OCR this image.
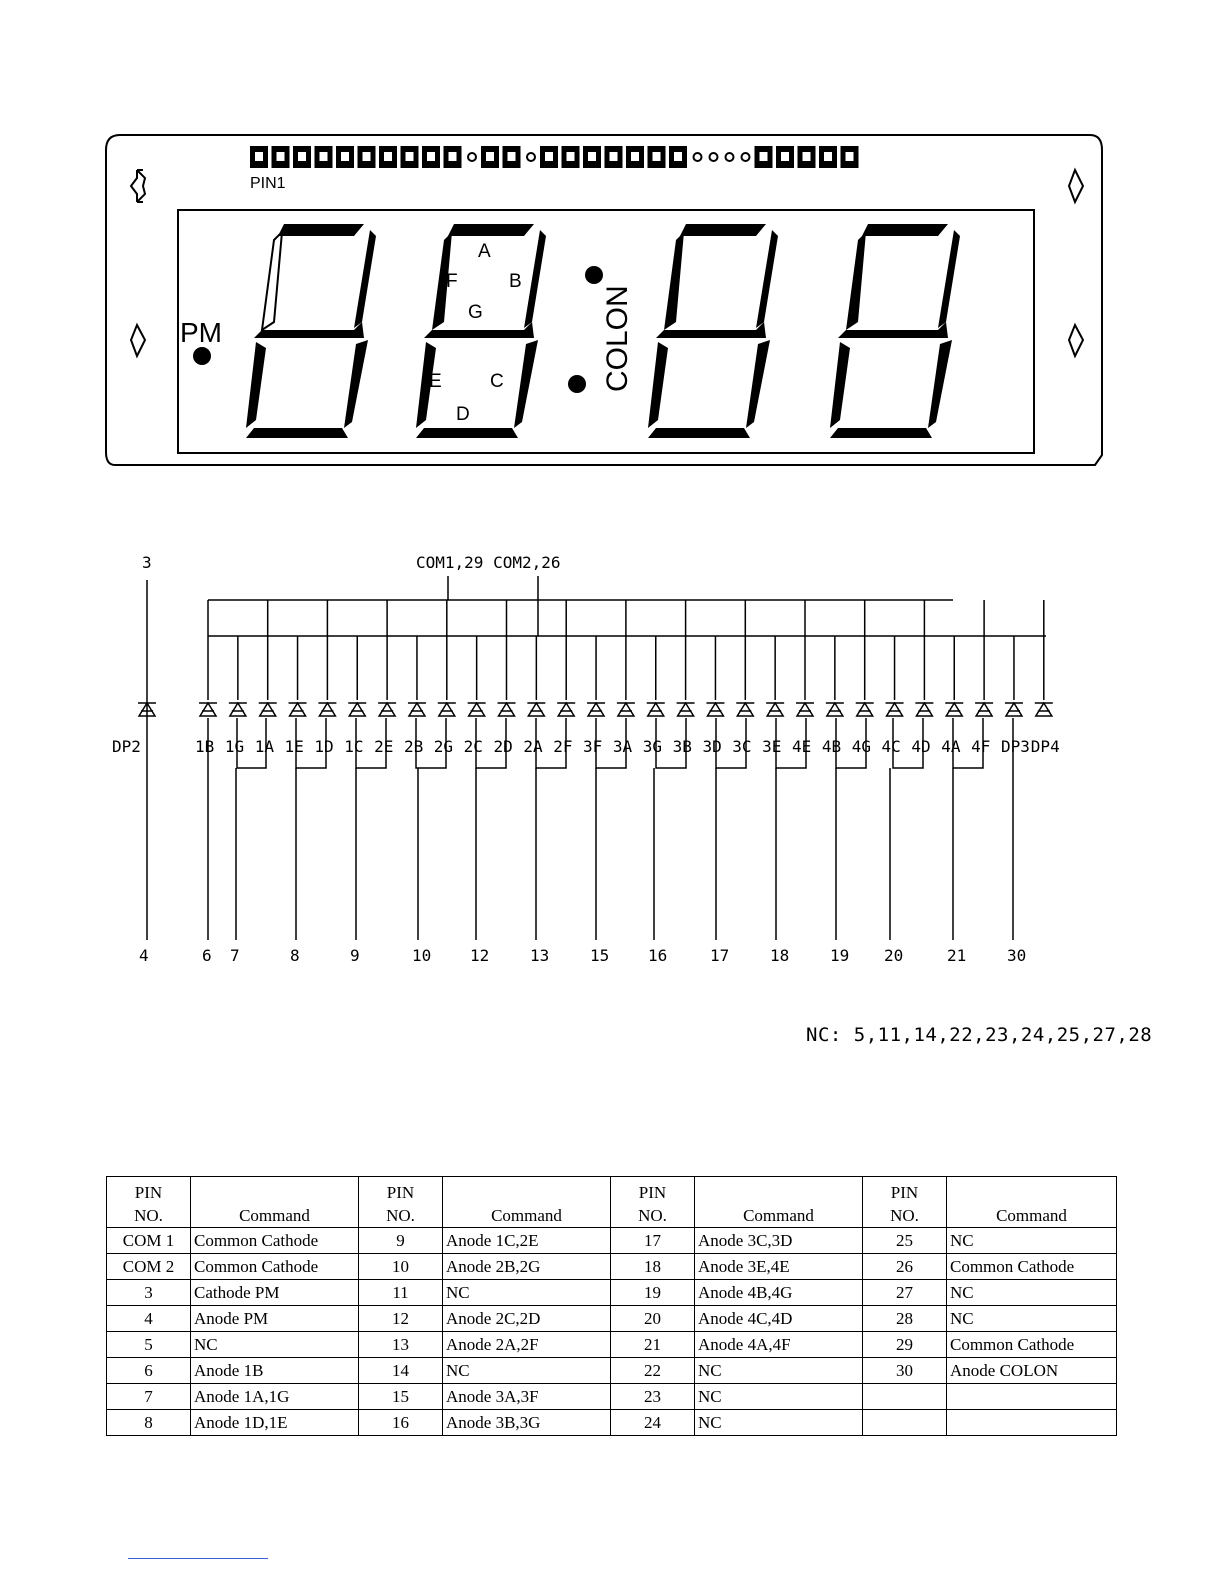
PIN1
PM	COLON
A
B
F
G
E	C
D
3	COM1,29 COM2,26
DP2	1B 1G 1A 1E 1D 1C 2E 2B 2G 2C 2D 2A 2F 3F 3A 3G 3B 3D 3C 3E 4E 4B 4G 4C 4D 4A 4F DP3 DP4
4	6 7	8	9	10 12	13	15 16	17	18	19 20	21	30
NC: 5,11,14,22,23,24,25,27,28
PIN
NO.	Command	PIN
NO.	Command	PIN
NO.	Command	PIN
NO.	Command
COM 1	Common Cathode	9	Anode 1C,2E	17	Anode 3C,3D	25	NC
COM 2	Common Cathode	10	Anode 2B,2G	18	Anode 3E,4E	26	Common Cathode
3	Cathode PM	11	NC	19	Anode 4B,4G	27	NC
4	Anode PM	12	Anode 2C,2D	20	Anode 4C,4D	28	NC
5	NC	13	Anode 2A,2F	21	Anode 4A,4F	29	Common Cathode
6	Anode 1B	14	NC	22	NC	30	Anode COLON
7	Anode 1A,1G	15	Anode 3A,3F	23	NC		
8	Anode 1D,1E	16	Anode 3B,3G	24	NC		
